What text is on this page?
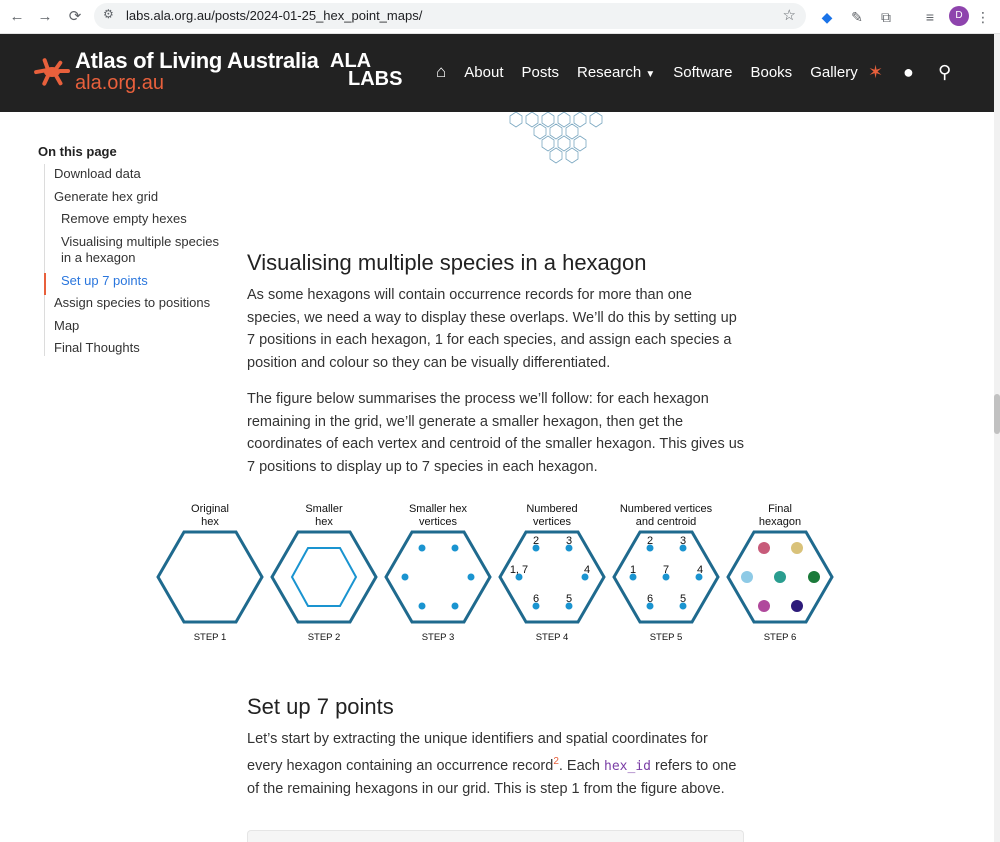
← →	⟳	⚙ labs.ala.org.au/posts/2024-01-25_hex_point_maps/	☆	◆	✎	⧉	≡	D ⋮
Atlas of Living Australia
ala.org.au
ALA
LABS ⌂ About Posts Research ▼ Software Books Gallery ✶ ● ⚲
On this page
Download data
Generate hex grid
Remove empty hexes
Visualising multiple species in a hexagon
Set up 7 points
Assign species to positions
Map
Final Thoughts
Visualising multiple species in a hexagon

As some hexagons will contain occurrence records for more than one species, we need a way to display these overlaps. We’ll do this by setting up 7 positions in each hexagon, 1 for each species, and assign each species a position and colour so they can be visually differentiated.

The figure below summarises the process we’ll follow: for each hexagon remaining in the grid, we’ll generate a smaller hexagon, then get the coordinates of each vertex and centroid of the smaller hexagon. This gives us 7 positions to display up to 7 species in each hexagon.

Original
hex
Smaller
hex
Smaller hex
vertices
Numbered
vertices
Numbered vertices
and centroid
Final
hexagon
STEP 1	STEP 2	STEP 3	STEP 4	STEP 5	STEP 6
2 3
1, 7	4
6 5
2 3
1 7	4
6 5
Set up 7 points

Let’s start by extracting the unique identifiers and spatial coordinates for every hexagon containing an occurrence record$^2$. Each hex_id refers to one of the remaining hexagons in our grid. This is step 1 from the figure above.
